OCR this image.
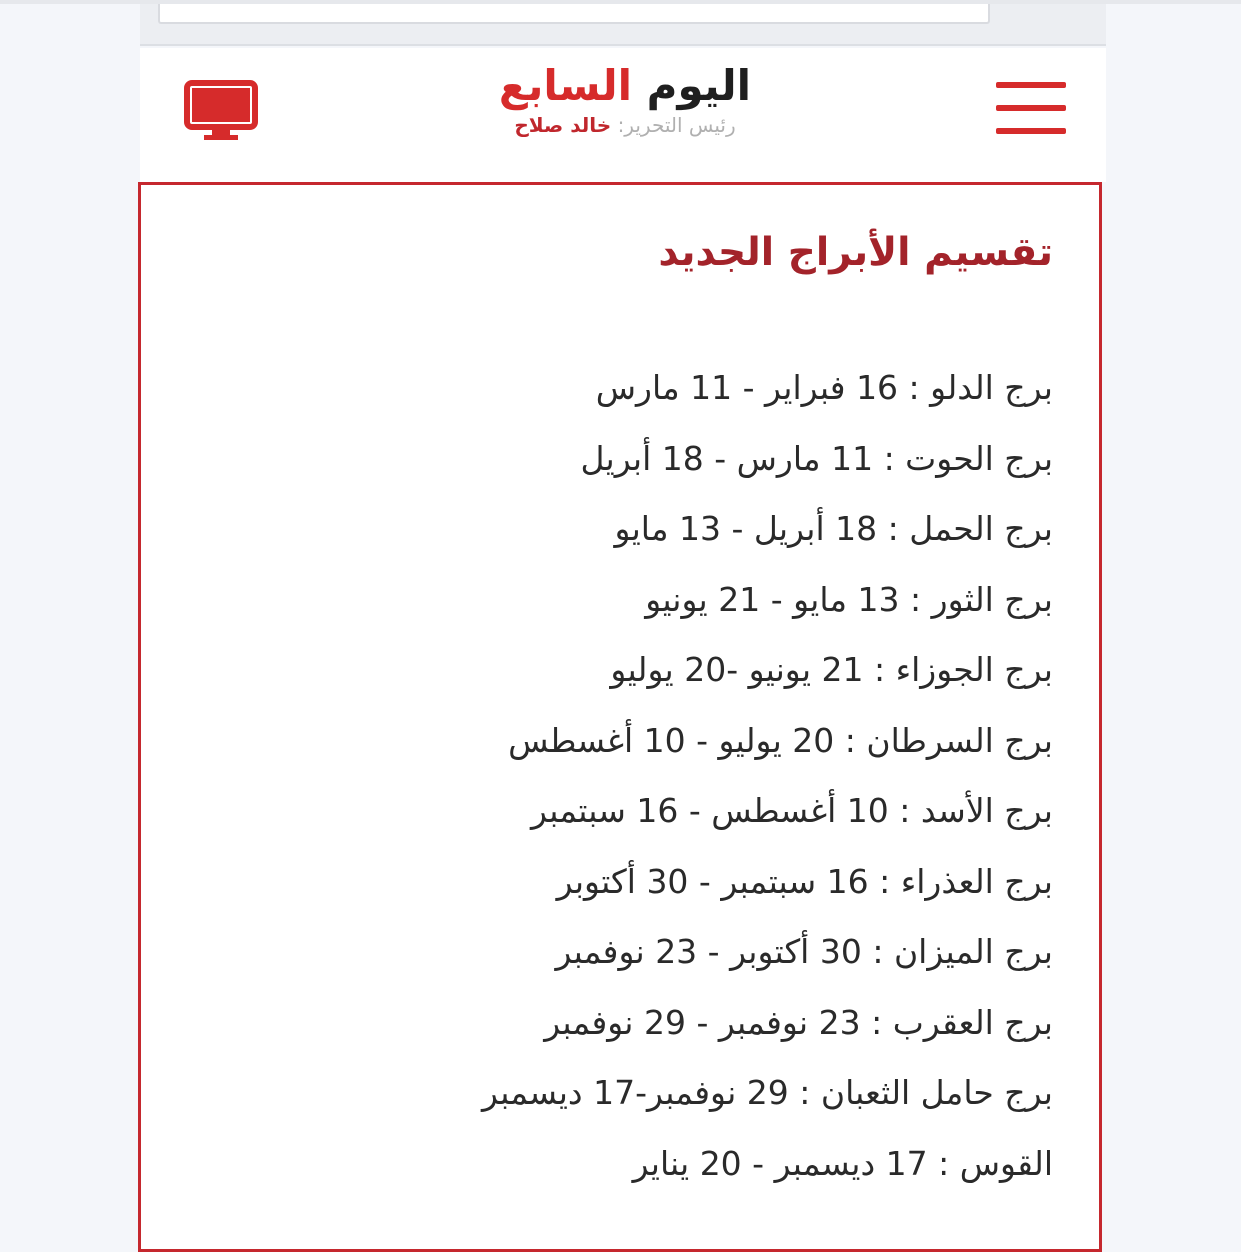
اليوم السابع
رئيس التحرير: خالد صلاح
تقسيم الأبراج الجديد
برج الدلو : 16 فبراير - 11 مارس
برج الحوت : 11 مارس - 18 أبريل
برج الحمل : 18 أبريل - 13 مايو
برج الثور : 13 مايو - 21 يونيو
برج الجوزاء : 21 يونيو -20 يوليو
برج السرطان : 20 يوليو - 10 أغسطس
برج الأسد : 10 أغسطس - 16 سبتمبر
برج العذراء : 16 سبتمبر - 30 أكتوبر
برج الميزان : 30 أكتوبر - 23 نوفمبر
برج العقرب : 23 نوفمبر - 29 نوفمبر
برج حامل الثعبان : 29 نوفمبر-17 ديسمبر
القوس : 17 ديسمبر - 20 يناير
